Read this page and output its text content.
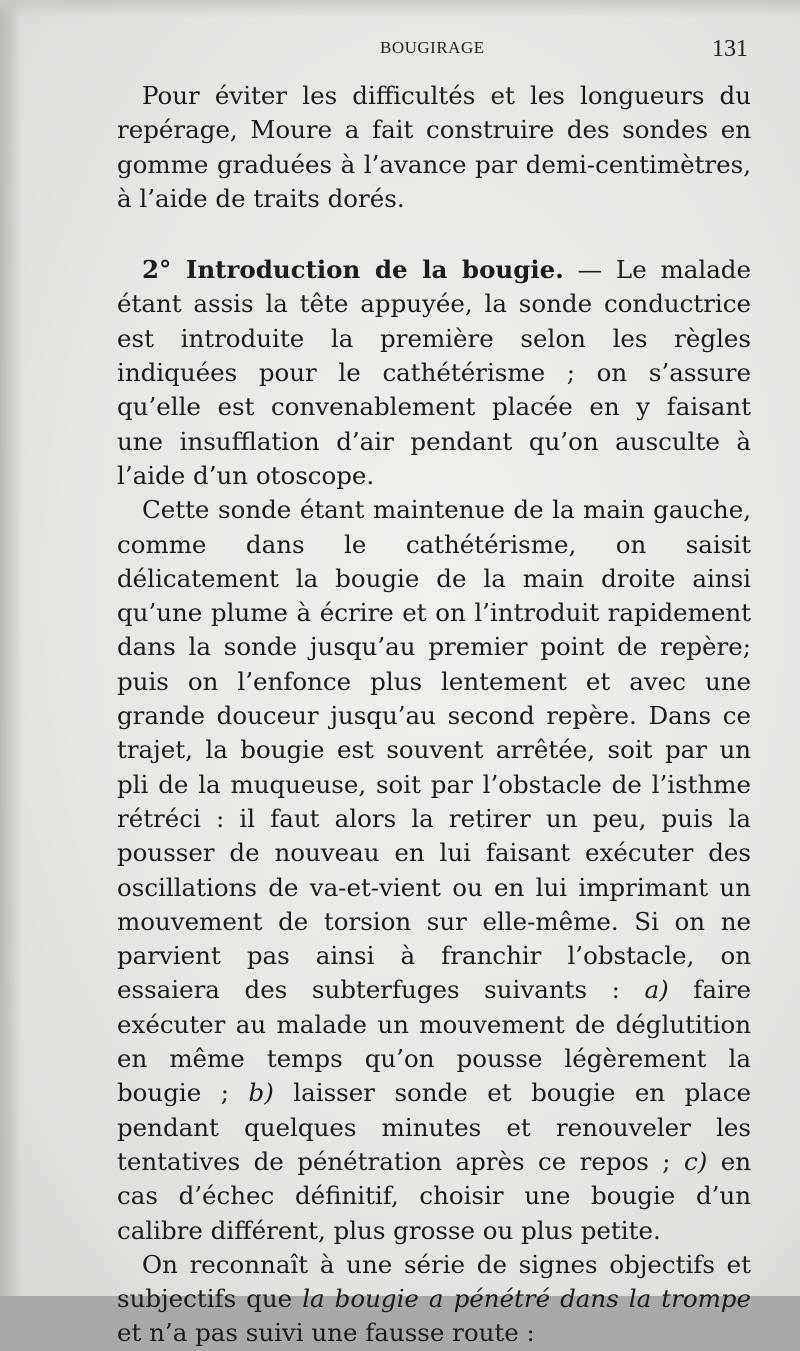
BOUGIRAGE	131

Pour éviter les difficultés et les longueurs du repérage, Moure a fait construire des sondes en gomme graduées à l’avance par demi-centimètres, à l’aide de traits dorés.

2° Introduction de la bougie. — Le malade étant assis la tête appuyée, la sonde conductrice est introduite la première selon les règles indiquées pour le cathétérisme ; on s’assure qu’elle est convenablement placée en y faisant une insufflation d’air pendant qu’on ausculte à l’aide d’un otoscope.

Cette sonde étant maintenue de la main gauche, comme dans le cathétérisme, on saisit délicatement la bougie de la main droite ainsi qu’une plume à écrire et on l’introduit rapidement dans la sonde jusqu’au premier point de repère; puis on l’enfonce plus lentement et avec une grande douceur jusqu’au second repère. Dans ce trajet, la bougie est souvent arrêtée, soit par un pli de la muqueuse, soit par l’obstacle de l’isthme rétréci : il faut alors la retirer un peu, puis la pousser de nouveau en lui faisant exécuter des oscillations de va-et-vient ou en lui imprimant un mouvement de torsion sur elle-même. Si on ne parvient pas ainsi à franchir l’obstacle, on essaiera des subterfuges suivants : a) faire exécuter au malade un mouvement de déglutition en même temps qu’on pousse légèrement la bougie ; b) laisser sonde et bougie en place pendant quelques minutes et renouveler les tentatives de pénétration après ce repos ; c) en cas d’échec définitif, choisir une bougie d’un calibre différent, plus grosse ou plus petite.

On reconnaît à une série de signes objectifs et subjectifs que la bougie a pénétré dans la trompe et n’a pas suivi une fausse route :
